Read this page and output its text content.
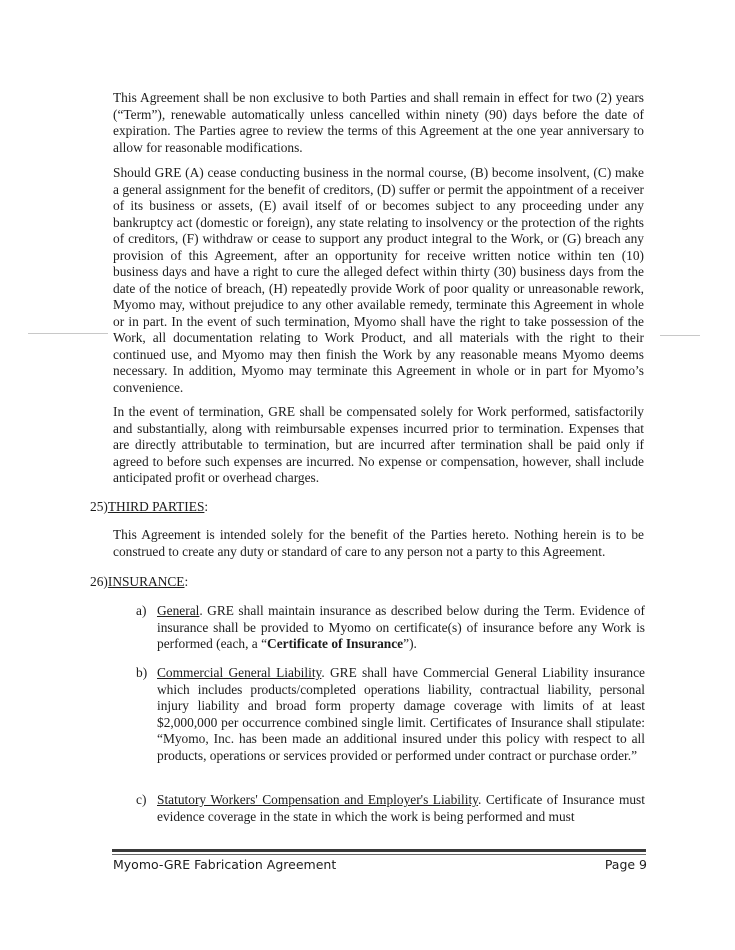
This Agreement shall be non exclusive to both Parties and shall remain in effect for two (2) years (“Term”), renewable automatically unless cancelled within ninety (90) days before the date of expiration. The Parties agree to review the terms of this Agreement at the one year anniversary to allow for reasonable modifications.

Should GRE (A) cease conducting business in the normal course, (B) become insolvent, (C) make a general assignment for the benefit of creditors, (D) suffer or permit the appointment of a receiver of its business or assets, (E) avail itself of or becomes subject to any proceeding under any bankruptcy act (domestic or foreign), any state relating to insolvency or the protection of the rights of creditors, (F) withdraw or cease to support any product integral to the Work, or (G) breach any provision of this Agreement, after an opportunity for receive written notice within ten (10) business days and have a right to cure the alleged defect within thirty (30) business days from the date of the notice of breach, (H) repeatedly provide Work of poor quality or unreasonable rework, Myomo may, without prejudice to any other available remedy, terminate this Agreement in whole or in part. In the event of such termination, Myomo shall have the right to take possession of the Work, all documentation relating to Work Product, and all materials with the right to their continued use, and Myomo may then finish the Work by any reasonable means Myomo deems necessary. In addition, Myomo may terminate this Agreement in whole or in part for Myomo’s convenience.

In the event of termination, GRE shall be compensated solely for Work performed, satisfactorily and substantially, along with reimbursable expenses incurred prior to termination. Expenses that are directly attributable to termination, but are incurred after termination shall be paid only if agreed to before such expenses are incurred. No expense or compensation, however, shall include anticipated profit or overhead charges.

25)THIRD PARTIES:

This Agreement is intended solely for the benefit of the Parties hereto. Nothing herein is to be construed to create any duty or standard of care to any person not a party to this Agreement.

26)INSURANCE:
a) General. GRE shall maintain insurance as described below during the Term. Evidence of insurance shall be provided to Myomo on certificate(s) of insurance before any Work is performed (each, a “Certificate of Insurance”).
b) Commercial General Liability. GRE shall have Commercial General Liability insurance which includes products/completed operations liability, contractual liability, personal injury liability and broad form property damage coverage with limits of at least $2,000,000 per occurrence combined single limit. Certificates of Insurance shall stipulate: “Myomo, Inc. has been made an additional insured under this policy with respect to all products, operations or services provided or performed under contract or purchase order.”
c) Statutory Workers' Compensation and Employer's Liability. Certificate of Insurance must evidence coverage in the state in which the work is being performed and must
Myomo-GRE Fabrication Agreement	Page 9
